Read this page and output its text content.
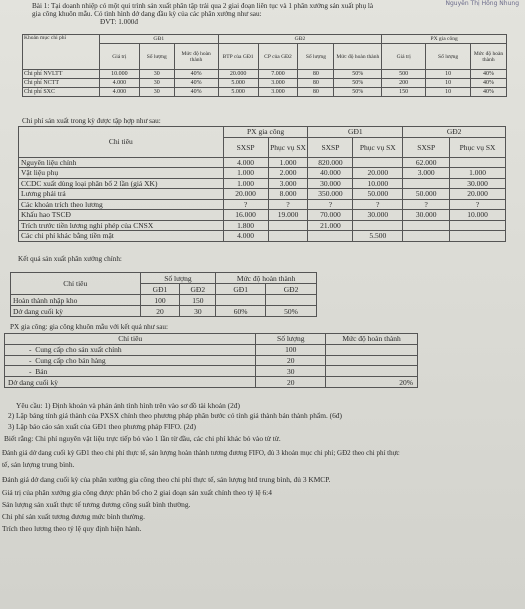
Nguyễn Thị Hồng Nhung
Bài 1: Tại doanh nhiệp có một qui trình sản xuất phân tập trải qua 2 giai đoạn liên tục và 1 phân xưởng sản xuất phụ là
gia công khuôn mẫu. Có tình hình dở dang đầu kỳ của các phân xưởng như sau:
ĐVT: 1.000đ
Khoản mục chi phí	GĐ1			GĐ2				PX gia công		
	Giá trị	Số lượng	Mức độ hoàn thành	BTP của GĐ1	CP của GĐ2	Số lượng	Mức độ hoàn thành	Giá trị	Số lượng	Mức độ hoàn thành
Chi phí NVLTT	10.000	30	40%	20.000	7.000	80	50%	500	10	40%
Chi phí NCTT	4.000	30	40%	5.000	3.000	80	50%	200	10	40%
Chi phí SXC	4.000	30	40%	5.000	3.000	80	50%	150	10	40%
Chi phí sản xuất trong kỳ được tập hợp như sau:
Chi tiêu	PX gia công		GĐ1		GĐ2	
	SXSP	Phục vụ SX	SXSP	Phục vụ SX	SXSP	Phục vụ SX
Nguyên liệu chính	4.000	1.000	820.000		62.000	
Vật liệu phụ	1.000	2.000	40.000	20.000	3.000	1.000
CCDC xuất dùng loại phân bổ 2 lần (giá XK)	1.000	3.000	30.000	10.000		30.000
Lương phải trả	20.000	8.000	350.000	50.000	50.000	20.000
Các khoản trích theo lương	?	?	?	?	?	?
Khấu hao TSCĐ	16.000	19.000	70.000	30.000	30.000	10.000
Trích trước tiền lương nghỉ phép của CNSX	1.800		21.000			
Các chi phí khác bằng tiền mặt	4.000			5.500		
Kết quả sản xuất phân xưởng chính:
Chỉ tiêu	Số lượng		Mức độ hoàn thành	
	GĐ1	GĐ2	GĐ1	GĐ2
Hoàn thành nhập kho	100	150		
Dở dang cuối kỳ	20	30	60%	50%
PX gia công: gia công khuôn mẫu với kết quả như sau:
Chỉ tiêu	Số lượng	Mức độ hoàn thành
-  Cung cấp cho sản xuất chính	100	
-  Cung cấp cho bán hàng	20	
-  Bán	30	
Dở dang cuối kỳ	20	20%
Yêu cầu: 1) Định khoản và phản ánh tình hình trên vào sơ đồ tài khoản (2đ)
2) Lập bảng tính giá thành của PXSX chính theo phương pháp phân bước có tính giá thành bán thành phẩm. (6đ)
3) Lập báo cáo sản xuất của GĐ1 theo phương pháp FIFO. (2đ)
Biết rằng: Chi phí nguyên vật liệu trực tiếp bỏ vào 1 lần từ đầu, các chi phí khác bỏ vào từ từ.
Đánh giá dở dang cuối kỳ GĐ1 theo chi phí thực tế, sản lượng hoàn thành tương đương FIFO, đủ 3 khoản mục chi phí; GĐ2 theo chi phí thực
tế, sản lượng trung bình.
Đánh giá dở dang cuối kỳ của phân xưởng gia công theo chi phí thực tế, sản lượng htđ trung bình, đủ 3 KMCP.
Giá trị của phân xưởng gia công được phân bổ cho 2 giai đoạn sản xuất chính theo tỷ lệ 6:4
Sản lượng sản xuất thực tế tương đương công suất bình thường.
Chi phí sản xuất tương đương mức bình thường.
Trích theo lương theo tỷ lệ quy định hiện hành.
